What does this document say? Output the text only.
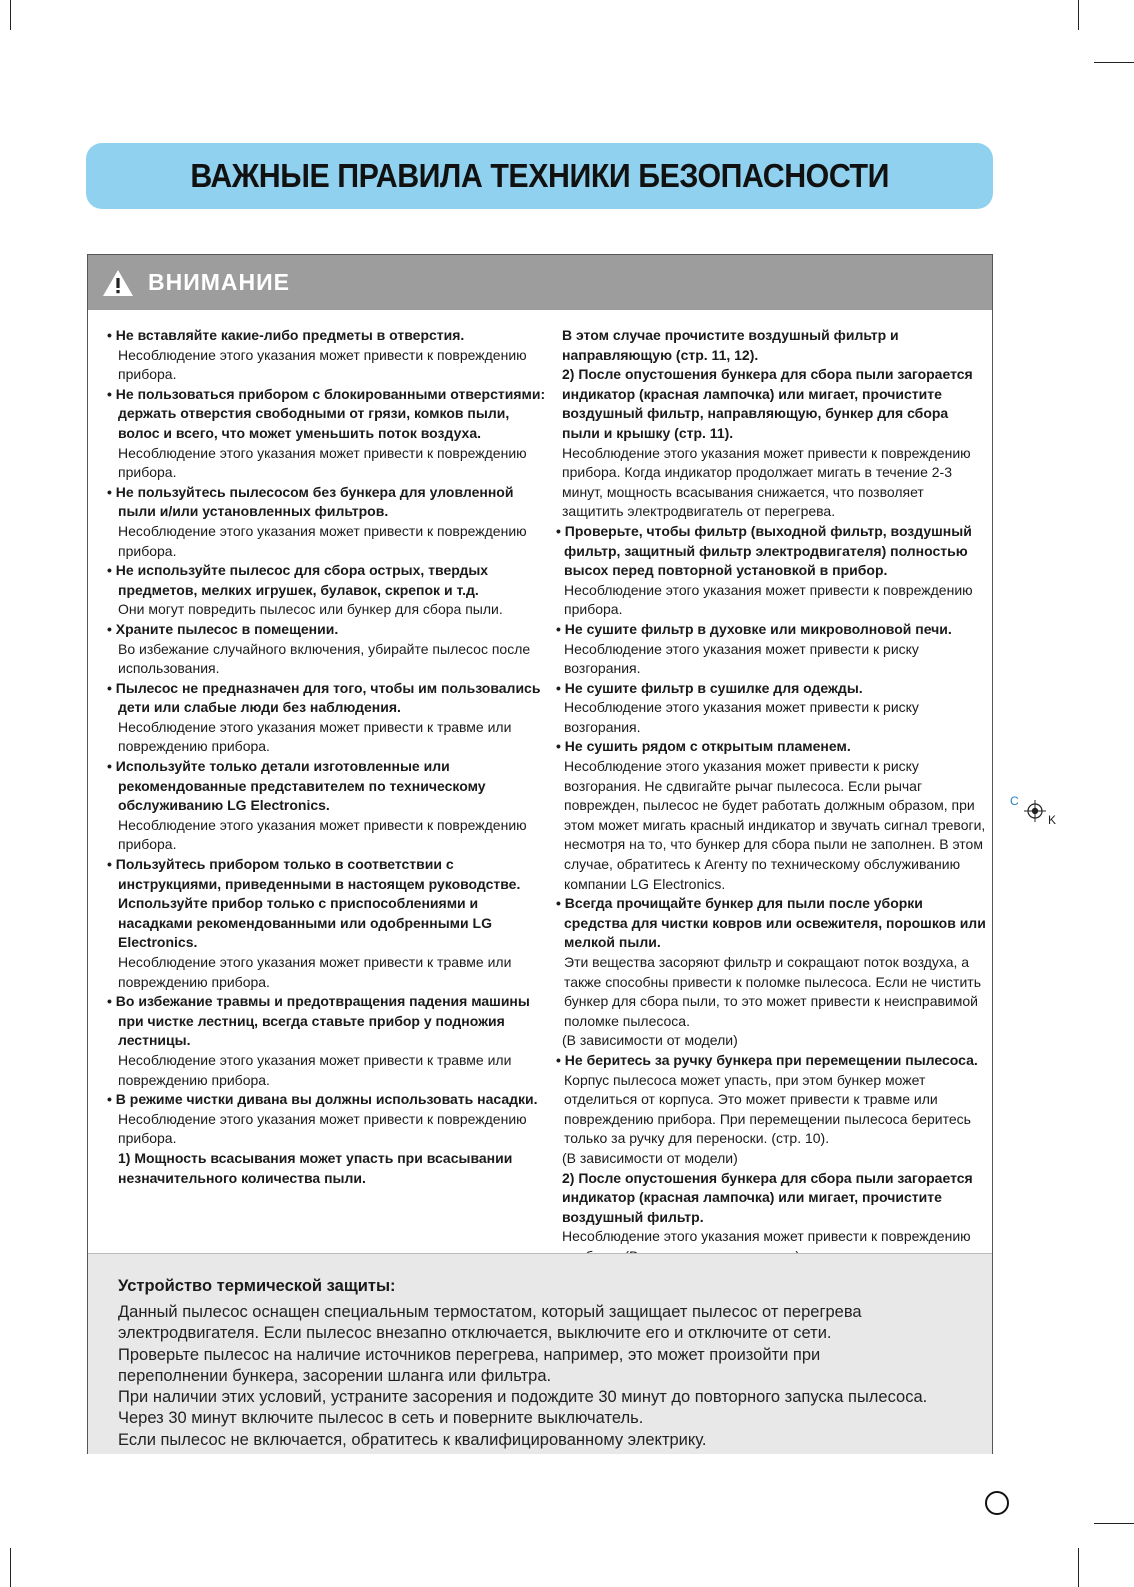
ВАЖНЫЕ ПРАВИЛА ТЕХНИКИ БЕЗОПАСНОСТИ
ВНИМАНИЕ
• Не вставляйте какие-либо предметы в отверстия.
Несоблюдение этого указания может привести к повреждению прибора.
• Не пользоваться прибором с блокированными отверстиями: держать отверстия свободными от грязи, комков пыли, волос и всего, что может уменьшить поток воздуха.
Несоблюдение этого указания может привести к повреждению прибора.
• Не пользуйтесь пылесосом без бункера для уловленной пыли и/или установленных фильтров.
Несоблюдение этого указания может привести к повреждению прибора.
• Не используйте пылесос для сбора острых, твердых предметов, мелких игрушек, булавок, скрепок и т.д.
Они могут повредить пылесос или бункер для сбора пыли.
• Храните пылесос в помещении.
Во избежание случайного включения, убирайте пылесос после использования.
• Пылесос не предназначен для того, чтобы им пользовались дети или слабые люди без наблюдения.
Несоблюдение этого указания может привести к травме или повреждению прибора.
• Используйте только детали изготовленные или рекомендованные представителем по техническому обслуживанию LG Electronics.
Несоблюдение этого указания может привести к повреждению прибора.
• Пользуйтесь прибором только в соответствии с инструкциями, приведенными в настоящем руководстве. Используйте прибор только с приспособлениями и насадками рекомендованными или одобренными LG Electronics.
Несоблюдение этого указания может привести к травме или повреждению прибора.
• Во избежание травмы и предотвращения падения машины при чистке лестниц, всегда ставьте прибор у подножия лестницы.
Несоблюдение этого указания может привести к травме или повреждению прибора.
• В режиме чистки дивана вы должны использовать насадки.
Несоблюдение этого указания может привести к повреждению прибора.
1) Мощность всасывания может упасть при всасывании незначительного количества пыли.
В этом случае прочистите воздушный фильтр и направляющую (стр. 11, 12).
2) После опустошения бункера для сбора пыли загорается индикатор (красная лампочка) или мигает, прочистите воздушный фильтр, направляющую, бункер для сбора пыли и крышку (стр. 11).
Несоблюдение этого указания может привести к повреждению прибора. Когда индикатор продолжает мигать в течение 2-3 минут, мощность всасывания снижается, что позволяет защитить электродвигатель от перегрева.
• Проверьте, чтобы фильтр (выходной фильтр, воздушный фильтр, защитный фильтр электродвигателя) полностью высох перед повторной установкой в прибор.
Несоблюдение этого указания может привести к повреждению прибора.
• Не сушите фильтр в духовке или микроволновой печи.
Несоблюдение этого указания может привести к риску возгорания.
• Не сушите фильтр в сушилке для одежды.
Несоблюдение этого указания может привести к риску возгорания.
• Не сушить рядом с открытым пламенем.
Несоблюдение этого указания может привести к риску возгорания. Не сдвигайте рычаг пылесоса. Если рычаг поврежден, пылесос не будет работать должным образом, при этом может мигать красный индикатор и звучать сигнал тревоги, несмотря на то, что бункер для сбора пыли не заполнен. В этом случае, обратитесь к Агенту по техническому обслуживанию компании LG Electronics.
• Всегда прочищайте бункер для пыли после уборки средства для чистки ковров или освежителя, порошков или мелкой пыли.
Эти вещества засоряют фильтр и сокращают поток воздуха, а также способны привести к поломке пылесоса. Если не чистить бункер для сбора пыли, то это может привести к неисправимой поломке пылесоса.
(В зависимости от модели)
• Не беритесь за ручку бункера при перемещении пылесоса.
Корпус пылесоса может упасть, при этом бункер может отделиться от корпуса. Это может привести к травме или повреждению прибора. При перемещении пылесоса беритесь только за ручку для переноски. (стр. 10).
(В зависимости от модели)
2) После опустошения бункера для сбора пыли загорается индикатор (красная лампочка) или мигает, прочистите воздушный фильтр.
Несоблюдение этого указания может привести к повреждению
Устройство термической защиты:

Данный пылесос оснащен специальным термостатом, который защищает пылесос от перегрева

электродвигателя. Если пылесос внезапно отключается, выключите его и отключите от сети.

Проверьте пылесос на наличие источников перегрева, например, это может произойти при

переполнении бункера, засорении шланга или фильтра.

При наличии этих условий, устраните засорения и подождите 30 минут до повторного запуска пылесоса.

Через 30 минут включите пылесос в сеть и поверните выключатель.

Если пылесос не включается, обратитесь к квалифицированному электрику.

C
K
